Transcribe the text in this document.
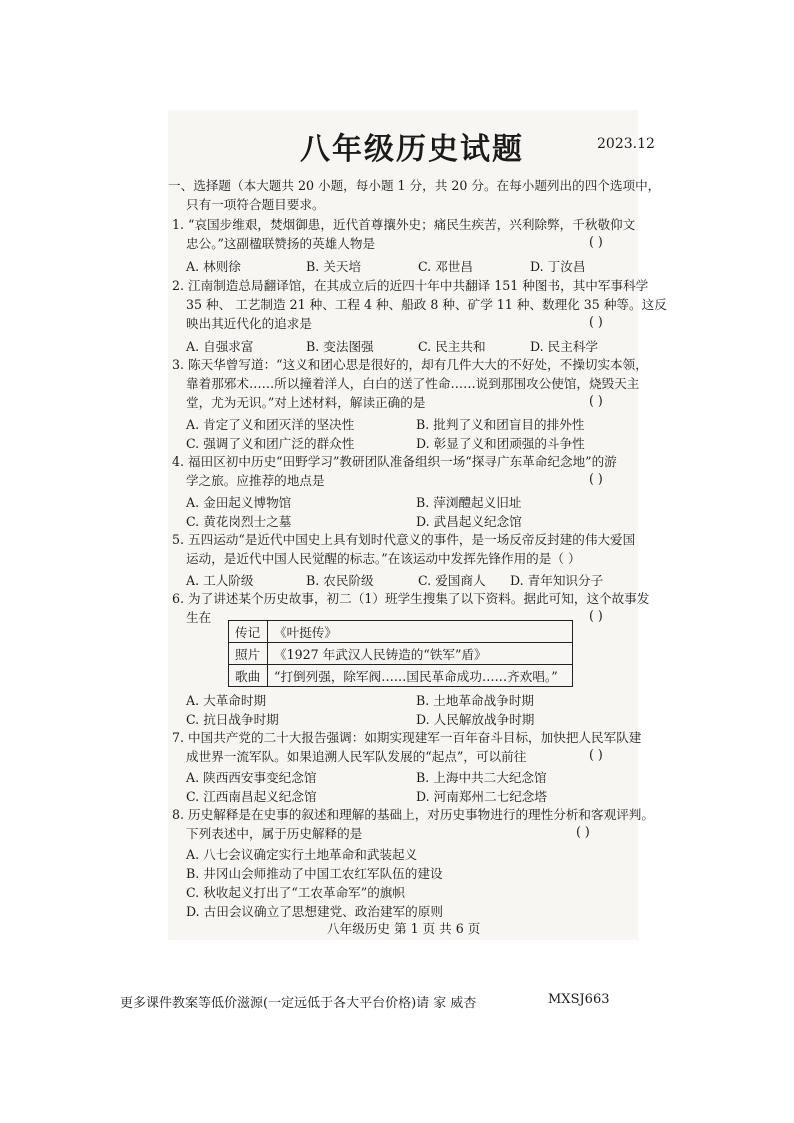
八年级历史试题	2023.12
一、选择题（本大题共 20 小题，每小题 1 分，共 20 分。在每小题列出的四个选项中，
只有一项符合题目要求。
1. “哀国步维艰，焚烟御患，近代首尊攘外史；痛民生疾苦，兴利除弊，千秋敬仰文
忠公。”这副楹联赞扬的英雄人物是	( )
A. 林则徐	B. 关天培	C. 邓世昌	D. 丁汝昌
2. 江南制造总局翻译馆，在其成立后的近四十年中共翻译 151 种图书，其中军事科学
35 种、 工艺制造 21 种、工程 4 种、船政 8 种、矿学 11 种、数理化 35 种等。这反
映出其近代化的追求是	( )
A. 自强求富	B. 变法图强	C. 民主共和	D. 民主科学
3. 陈天华曾写道：“这义和团心思是很好的，却有几件大大的不好处，不操切实本领，
靠着那邪术……所以撞着洋人，白白的送了性命……说到那围攻公使馆，烧毁天主
堂，尤为无识。”对上述材料，解读正确的是	( )
A. 肯定了义和团灭洋的坚决性	B. 批判了义和团盲目的排外性
C. 强调了义和团广泛的群众性	D. 彰显了义和团顽强的斗争性
4. 福田区初中历史“田野学习”教研团队准备组织一场“探寻广东革命纪念地”的游
学之旅。应推荐的地点是	( )
A. 金田起义博物馆	B. 萍浏醴起义旧址
C. 黄花岗烈士之墓	D. 武昌起义纪念馆
5. 五四运动“是近代中国史上具有划时代意义的事件，是一场反帝反封建的伟大爱国
运动，是近代中国人民觉醒的标志。”在该运动中发挥先锋作用的是（ ）
A. 工人阶级	B. 农民阶级	C. 爱国商人 D. 青年知识分子
6. 为了讲述某个历史故事，初二（1）班学生搜集了以下资料。据此可知，这个故事发
生在	( )
传记	《叶挺传》
照片	《1927 年武汉人民铸造的“铁军”盾》
歌曲	“打倒列强，除军阀……国民革命成功……齐欢唱。”
A. 大革命时期	B. 土地革命战争时期
C. 抗日战争时期	D. 人民解放战争时期
7. 中国共产党的二十大报告强调：如期实现建军一百年奋斗目标，加快把人民军队建
成世界一流军队。如果追溯人民军队发展的“起点”，可以前往	( )
A. 陕西西安事变纪念馆	B. 上海中共二大纪念馆
C. 江西南昌起义纪念馆	D. 河南郑州二七纪念塔
8. 历史解释是在史事的叙述和理解的基础上，对历史事物进行的理性分析和客观评判。
下列表述中，属于历史解释的是	( )
A. 八七会议确定实行土地革命和武装起义
B. 井冈山会师推动了中国工农红军队伍的建设
C. 秋收起义打出了“工农革命军”的旗帜
D. 古田会议确立了思想建党、政治建军的原则
八年级历史 第 1 页 共 6 页
更多课件教案等低价滋源(一定远低于各大平台价格)请 家 威杏	MXSJ663
